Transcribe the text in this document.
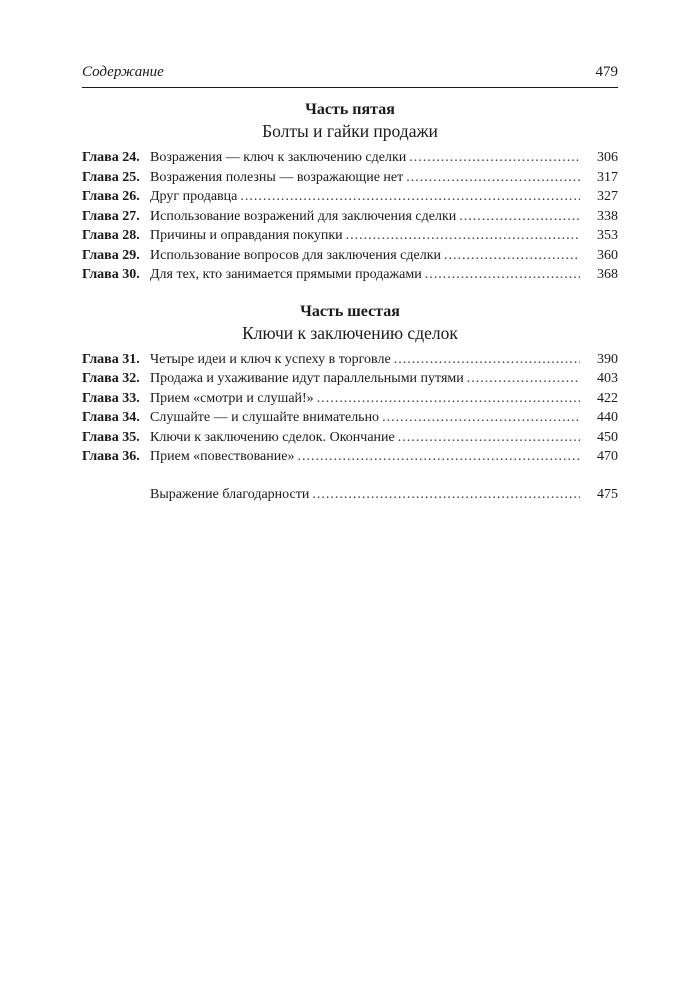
Содержание	479
Часть пятая
Болты и гайки продажи
Глава 24. Возражения — ключ к заключению сделки .....	306
Глава 25. Возражения полезны — возражающие нет .....	317
Глава 26. Друг продавца .....	327
Глава 27. Использование возражений для заключения сделки .....	338
Глава 28. Причины и оправдания покупки .....	353
Глава 29. Использование вопросов для заключения сделки .....	360
Глава 30. Для тех, кто занимается прямыми продажами .....	368
Часть шестая
Ключи к заключению сделок
Глава 31. Четыре идеи и ключ к успеху в торговле .....	390
Глава 32. Продажа и ухаживание идут параллельными путями .....	403
Глава 33. Прием «смотри и слушай!» .....	422
Глава 34. Слушайте — и слушайте внимательно .....	440
Глава 35. Ключи к заключению сделок. Окончание .....	450
Глава 36. Прием «повествование» .....	470
Выражение благодарности .....	475
